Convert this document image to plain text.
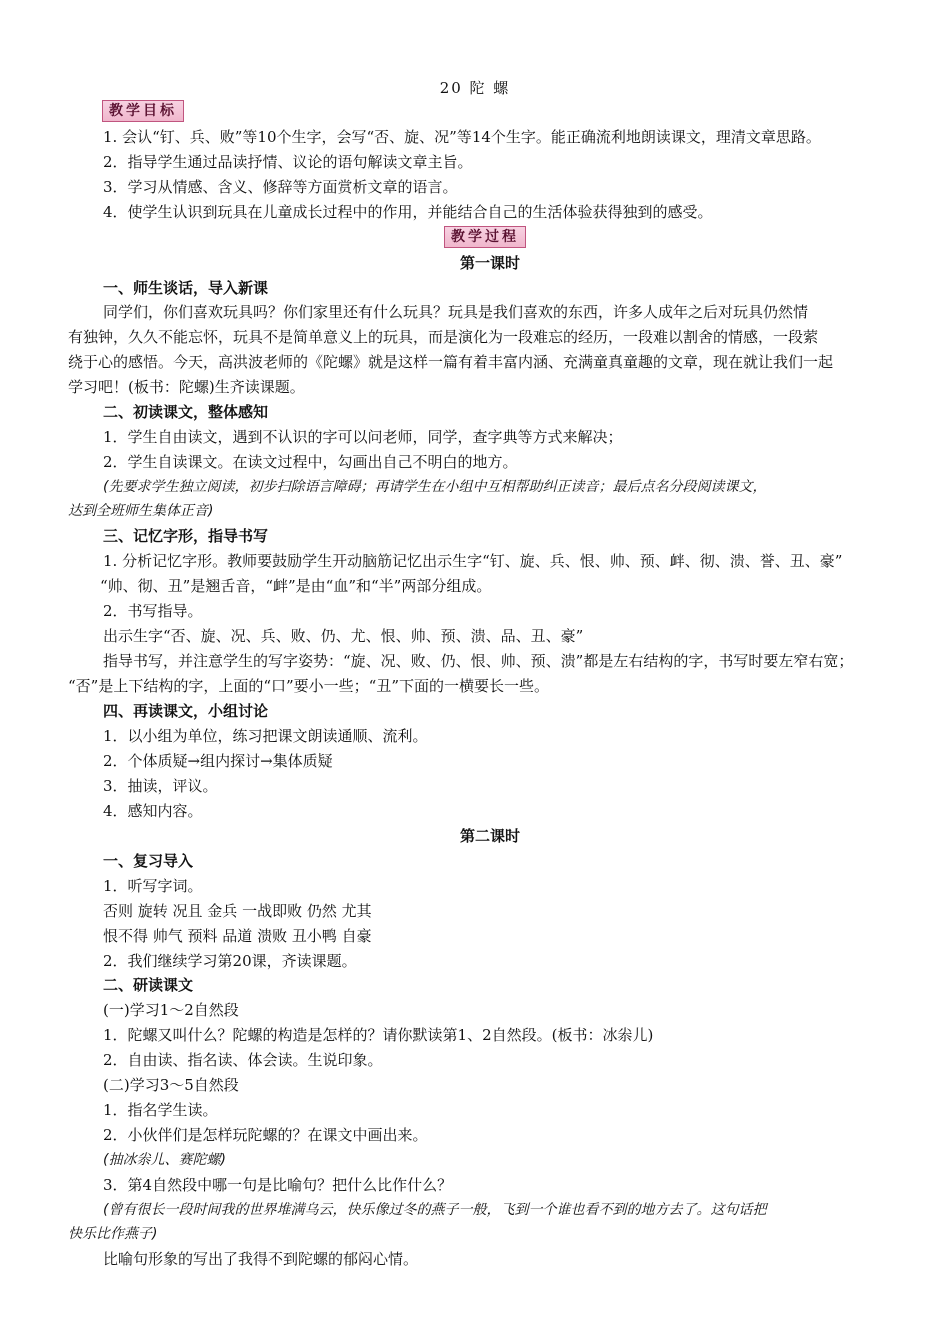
20 陀 螺
教学目标
1. 会认“钉、兵、败”等10个生字，会写“否、旋、况”等14个生字。能正确流利地朗读课文，理清文章思路。
2．指导学生通过品读抒情、议论的语句解读文章主旨。
3．学习从情感、含义、修辞等方面赏析文章的语言。
4．使学生认识到玩具在儿童成长过程中的作用，并能结合自己的生活体验获得独到的感受。
教学过程
第一课时
一、师生谈话，导入新课
同学们，你们喜欢玩具吗？你们家里还有什么玩具？玩具是我们喜欢的东西，许多人成年之后对玩具仍然情
有独钟，久久不能忘怀，玩具不是简单意义上的玩具，而是演化为一段难忘的经历，一段难以割舍的情感，一段萦
绕于心的感悟。今天，高洪波老师的《陀螺》就是这样一篇有着丰富内涵、充满童真童趣的文章，现在就让我们一起
学习吧！(板书：陀螺)生齐读课题。
二、初读课文，整体感知
1．学生自由读文，遇到不认识的字可以问老师，同学，查字典等方式来解决；
2．学生自读课文。在读文过程中，勾画出自己不明白的地方。
(先要求学生独立阅读，初步扫除语言障碍；再请学生在小组中互相帮助纠正读音；最后点名分段阅读课文，
达到全班师生集体正音)
三、记忆字形，指导书写
1. 分析记忆字形。教师要鼓励学生开动脑筋记忆出示生字“钉、旋、兵、恨、帅、预、衅、彻、溃、誉、丑、豪”
“帅、彻、丑”是翘舌音，“衅”是由“血”和“半”两部分组成。
2．书写指导。
出示生字“否、旋、况、兵、败、仍、尤、恨、帅、预、溃、品、丑、豪”
指导书写，并注意学生的写字姿势：“旋、况、败、仍、恨、帅、预、溃”都是左右结构的字，书写时要左窄右宽；
“否”是上下结构的字，上面的“口”要小一些；“丑”下面的一横要长一些。
四、再读课文，小组讨论
1．以小组为单位，练习把课文朗读通顺、流利。
2．个体质疑→组内探讨→集体质疑
3．抽读，评议。
4．感知内容。
第二课时
一、复习导入
1．听写字词。
否则 旋转 况且 金兵 一战即败 仍然 尤其
恨不得 帅气 预料 品道 溃败 丑小鸭 自豪
2．我们继续学习第20课，齐读课题。
二、研读课文
(一)学习1～2自然段
1．陀螺又叫什么？陀螺的构造是怎样的？请你默读第1、2自然段。(板书：冰尜儿)
2．自由读、指名读、体会读。生说印象。
(二)学习3～5自然段
1．指名学生读。
2．小伙伴们是怎样玩陀螺的？在课文中画出来。
(抽冰尜儿、赛陀螺)
3．第4自然段中哪一句是比喻句？把什么比作什么？
(曾有很长一段时间我的世界堆满乌云，快乐像过冬的燕子一般，飞到一个谁也看不到的地方去了。这句话把
快乐比作燕子)
比喻句形象的写出了我得不到陀螺的郁闷心情。
